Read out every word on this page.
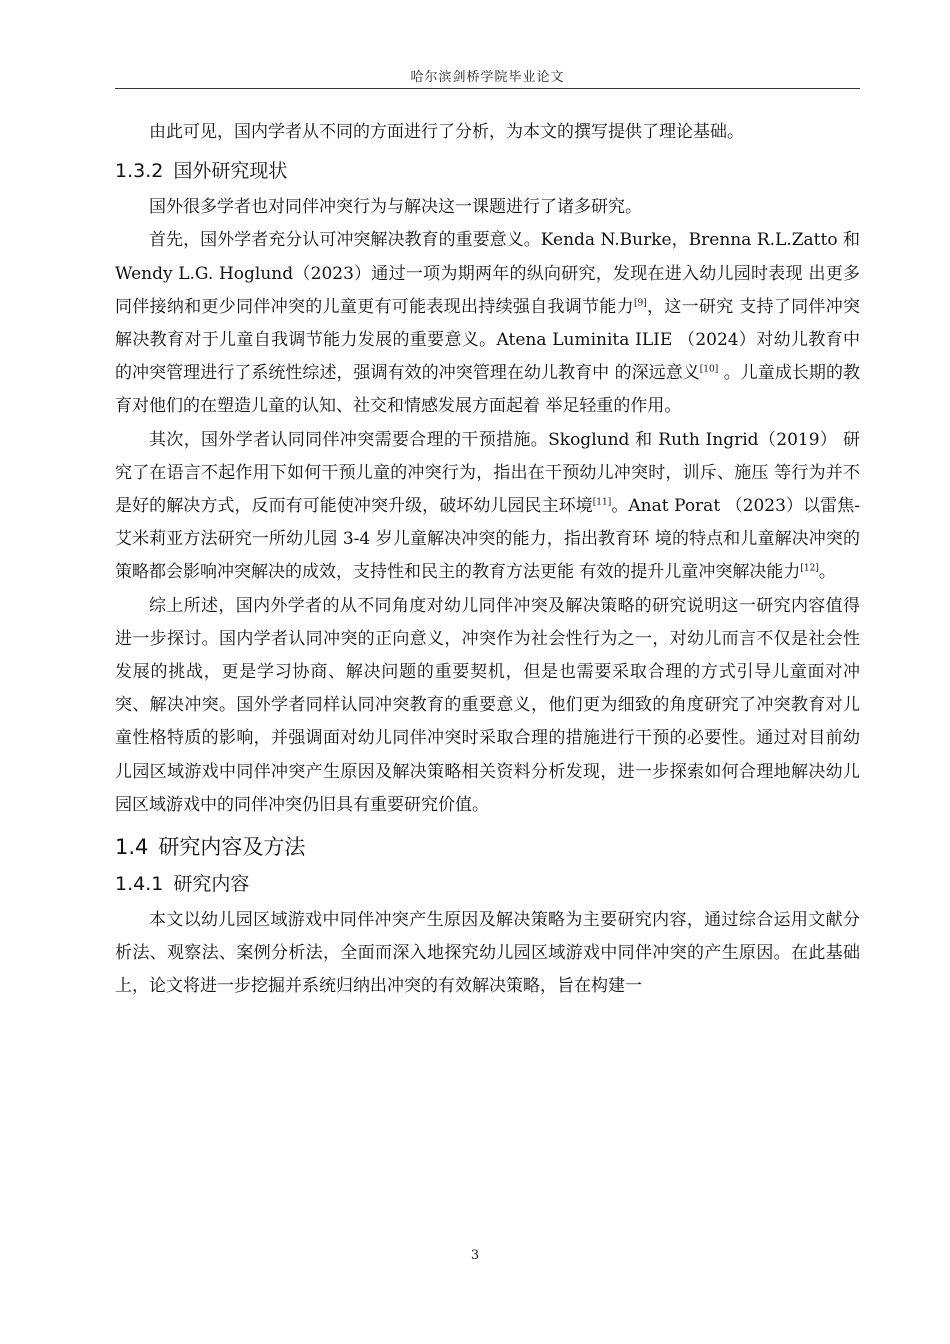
哈尔滨剑桥学院毕业论文

由此可见，国内学者从不同的方面进行了分析，为本文的撰写提供了理论基础。

1.3.2 国外研究现状

国外很多学者也对同伴冲突行为与解决这一课题进行了诸多研究。

首先，国外学者充分认可冲突解决教育的重要意义。Kenda N.Burke，Brenna R.L.Zatto 和 Wendy L.G. Hoglund（2023）通过一项为期两年的纵向研究，发现在进入幼儿园时表现 出更多同伴接纳和更少同伴冲突的儿童更有可能表现出持续强自我调节能力[9]，这一研究 支持了同伴冲突解决教育对于儿童自我调节能力发展的重要意义。Atena Luminita ILIE （2024）对幼儿教育中的冲突管理进行了系统性综述，强调有效的冲突管理在幼儿教育中 的深远意义[10] 。儿童成长期的教育对他们的在塑造儿童的认知、社交和情感发展方面起着 举足轻重的作用。

其次，国外学者认同同伴冲突需要合理的干预措施。Skoglund 和 Ruth Ingrid（2019） 研究了在语言不起作用下如何干预儿童的冲突行为，指出在干预幼儿冲突时，训斥、施压 等行为并不是好的解决方式，反而有可能使冲突升级，破坏幼儿园民主环境[11]。Anat Porat （2023）以雷焦-艾米莉亚方法研究一所幼儿园 3-4 岁儿童解决冲突的能力，指出教育环 境的特点和儿童解决冲突的策略都会影响冲突解决的成效，支持性和民主的教育方法更能 有效的提升儿童冲突解决能力[12]。

综上所述，国内外学者的从不同角度对幼儿同伴冲突及解决策略的研究说明这一研究内容值得进一步探讨。国内学者认同冲突的正向意义，冲突作为社会性行为之一，对幼儿而言不仅是社会性发展的挑战，更是学习协商、解决问题的重要契机，但是也需要采取合理的方式引导儿童面对冲突、解决冲突。国外学者同样认同冲突教育的重要意义，他们更为细致的角度研究了冲突教育对儿童性格特质的影响，并强调面对幼儿同伴冲突时采取合理的措施进行干预的必要性。通过对目前幼儿园区域游戏中同伴冲突产生原因及解决策略相关资料分析发现，进一步探索如何合理地解决幼儿园区域游戏中的同伴冲突仍旧具有重要研究价值。

1.4 研究内容及方法
1.4.1 研究内容

本文以幼儿园区域游戏中同伴冲突产生原因及解决策略为主要研究内容，通过综合运用文献分析法、观察法、案例分析法，全面而深入地探究幼儿园区域游戏中同伴冲突的产生原因。在此基础上，论文将进一步挖掘并系统归纳出冲突的有效解决策略，旨在构建一

3
